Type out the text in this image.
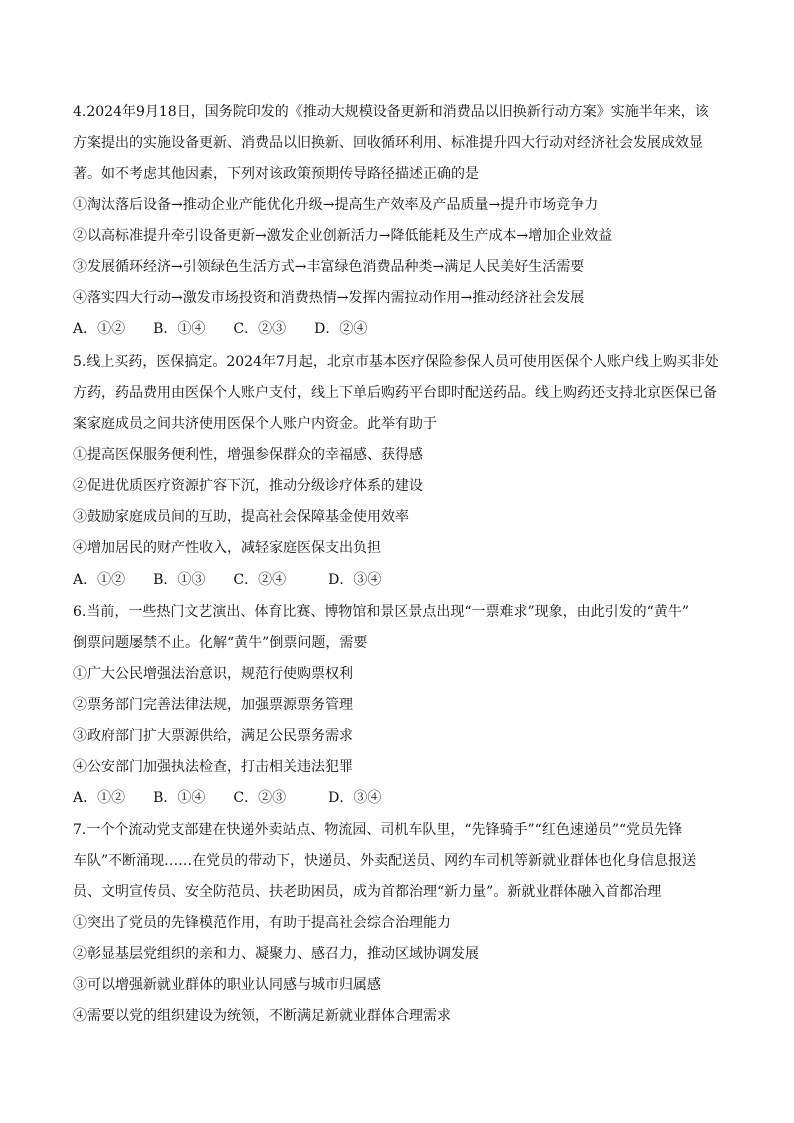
4.2024年9月18日，国务院印发的《推动大规模设备更新和消费品以旧换新行动方案》实施半年来，该
方案提出的实施设备更新、消费品以旧换新、回收循环利用、标准提升四大行动对经济社会发展成效显
著。如不考虑其他因素，下列对该政策预期传导路径描述正确的是
①淘汰落后设备→推动企业产能优化升级→提高生产效率及产品质量→提升市场竞争力
②以高标准提升牵引设备更新→激发企业创新活力→降低能耗及生产成本→增加企业效益
③发展循环经济→引领绿色生活方式→丰富绿色消费品种类→满足人民美好生活需要
④落实四大行动→激发市场投资和消费热情→发挥内需拉动作用→推动经济社会发展
A．①②　　B．①④　　C．②③　　D．②④
5.线上买药，医保搞定。2024年7月起，北京市基本医疗保险参保人员可使用医保个人账户线上购买非处
方药，药品费用由医保个人账户支付，线上下单后购药平台即时配送药品。线上购药还支持北京医保已备
案家庭成员之间共济使用医保个人账户内资金。此举有助于
①提高医保服务便利性，增强参保群众的幸福感、获得感
②促进优质医疗资源扩容下沉，推动分级诊疗体系的建设
③鼓励家庭成员间的互助，提高社会保障基金使用效率
④增加居民的财产性收入，减轻家庭医保支出负担
A．①②　　B．①③　　C．②④　　　D．③④
6.当前，一些热门文艺演出、体育比赛、博物馆和景区景点出现“一票难求”现象，由此引发的“黄牛”
倒票问题屡禁不止。化解“黄牛”倒票问题，需要
①广大公民增强法治意识，规范行使购票权利
②票务部门完善法律法规，加强票源票务管理
③政府部门扩大票源供给，满足公民票务需求
④公安部门加强执法检查，打击相关违法犯罪
A．①②　　B．①④　　C．②③　　　D．③④
7.一个个流动党支部建在快递外卖站点、物流园、司机车队里，“先锋骑手”“红色速递员”“党员先锋
车队”不断涌现……在党员的带动下，快递员、外卖配送员、网约车司机等新就业群体也化身信息报送
员、文明宣传员、安全防范员、扶老助困员，成为首都治理“新力量”。新就业群体融入首都治理
①突出了党员的先锋模范作用，有助于提高社会综合治理能力
②彰显基层党组织的亲和力、凝聚力、感召力，推动区域协调发展
③可以增强新就业群体的职业认同感与城市归属感
④需要以党的组织建设为统领，不断满足新就业群体合理需求
